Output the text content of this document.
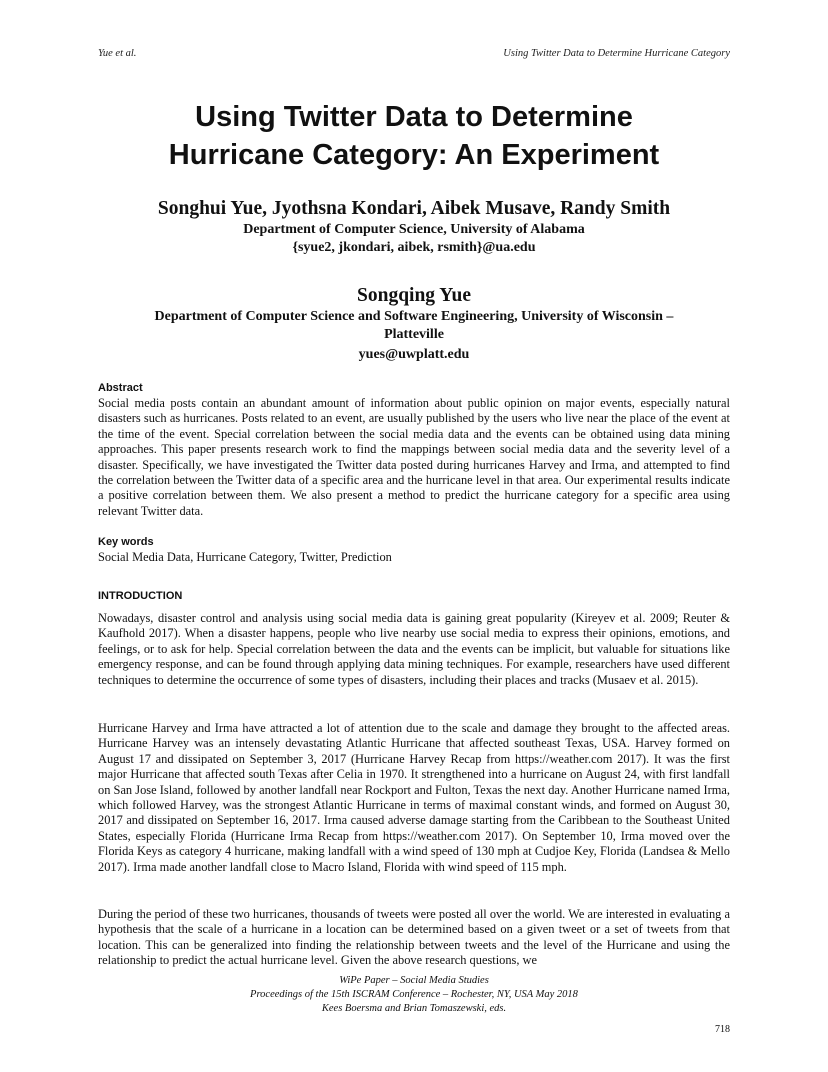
Yue et al.	Using Twitter Data to Determine Hurricane Category
Using Twitter Data to Determine
Hurricane Category: An Experiment
Songhui Yue, Jyothsna Kondari, Aibek Musave, Randy Smith
Department of Computer Science, University of Alabama
{syue2, jkondari, aibek, rsmith}@ua.edu
Songqing Yue
Department of Computer Science and Software Engineering, University of Wisconsin –
Platteville
yues@uwplatt.edu
Abstract

Social media posts contain an abundant amount of information about public opinion on major events, especially natural disasters such as hurricanes. Posts related to an event, are usually published by the users who live near the place of the event at the time of the event. Special correlation between the social media data and the events can be obtained using data mining approaches. This paper presents research work to find the mappings between social media data and the severity level of a disaster. Specifically, we have investigated the Twitter data posted during hurricanes Harvey and Irma, and attempted to find the correlation between the Twitter data of a specific area and the hurricane level in that area. Our experimental results indicate a positive correlation between them. We also present a method to predict the hurricane category for a specific area using relevant Twitter data.

Key words

Social Media Data, Hurricane Category, Twitter, Prediction

INTRODUCTION

Nowadays, disaster control and analysis using social media data is gaining great popularity (Kireyev et al. 2009; Reuter & Kaufhold 2017). When a disaster happens, people who live nearby use social media to express their opinions, emotions, and feelings, or to ask for help. Special correlation between the data and the events can be implicit, but valuable for situations like emergency response, and can be found through applying data mining techniques. For example, researchers have used different techniques to determine the occurrence of some types of disasters, including their places and tracks (Musaev et al. 2015).

Hurricane Harvey and Irma have attracted a lot of attention due to the scale and damage they brought to the affected areas. Hurricane Harvey was an intensely devastating Atlantic Hurricane that affected southeast Texas, USA. Harvey formed on August 17 and dissipated on September 3, 2017 (Hurricane Harvey Recap from https://weather.com 2017). It was the first major Hurricane that affected south Texas after Celia in 1970. It strengthened into a hurricane on August 24, with first landfall on San Jose Island, followed by another landfall near Rockport and Fulton, Texas the next day. Another Hurricane named Irma, which followed Harvey, was the strongest Atlantic Hurricane in terms of maximal constant winds, and formed on August 30, 2017 and dissipated on September 16, 2017. Irma caused adverse damage starting from the Caribbean to the Southeast United States, especially Florida (Hurricane Irma Recap from https://weather.com 2017). On September 10, Irma moved over the Florida Keys as category 4 hurricane, making landfall with a wind speed of 130 mph at Cudjoe Key, Florida (Landsea & Mello 2017). Irma made another landfall close to Macro Island, Florida with wind speed of 115 mph.

During the period of these two hurricanes, thousands of tweets were posted all over the world. We are interested in evaluating a hypothesis that the scale of a hurricane in a location can be determined based on a given tweet or a set of tweets from that location. This can be generalized into finding the relationship between tweets and the level of the Hurricane and using the relationship to predict the actual hurricane level. Given the above research questions, we

WiPe Paper – Social Media Studies
Proceedings of the 15th ISCRAM Conference – Rochester, NY, USA May 2018
Kees Boersma and Brian Tomaszewski, eds.
718
